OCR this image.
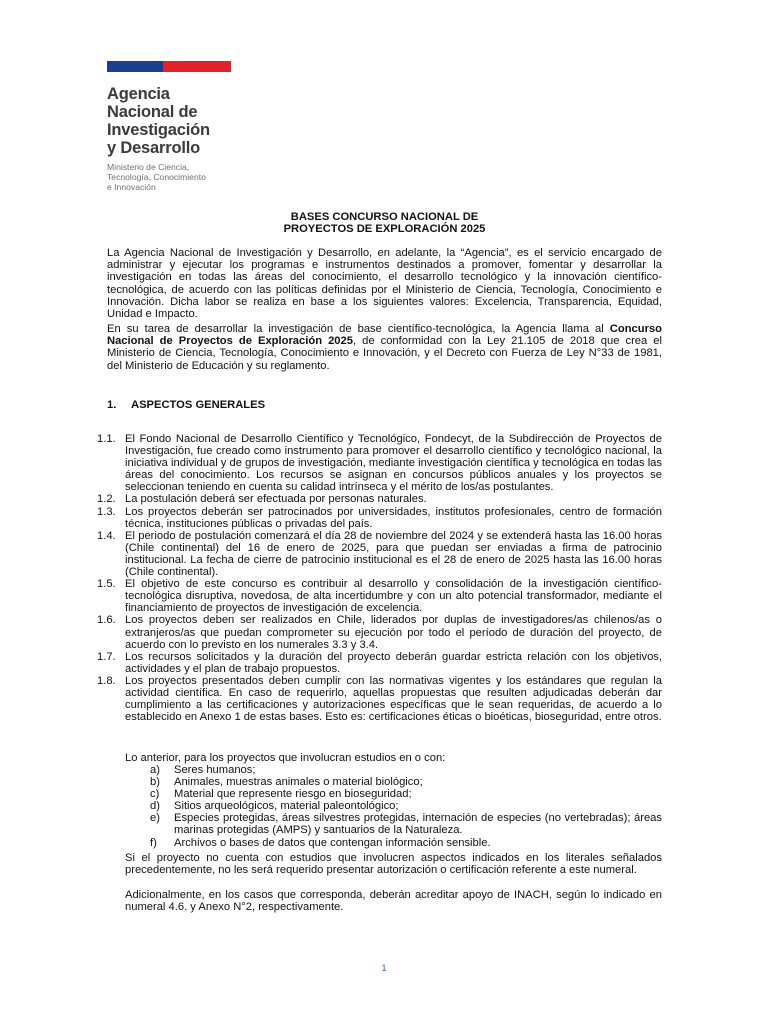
Agencia
Nacional de
Investigación
y Desarrollo
Ministerio de Ciencia,
Tecnología, Conocimiento
e Innovación
BASES CONCURSO NACIONAL DE
PROYECTOS DE EXPLORACIÓN 2025
La Agencia Nacional de Investigación y Desarrollo, en adelante, la “Agencia”, es el servicio encargado de administrar y ejecutar los programas e instrumentos destinados a promover, fomentar y desarrollar la investigación en todas las áreas del conocimiento, el desarrollo tecnológico y la innovación científico-tecnológica, de acuerdo con las políticas definidas por el Ministerio de Ciencia, Tecnología, Conocimiento e Innovación. Dicha labor se realiza en base a los siguientes valores: Excelencia, Transparencia, Equidad, Unidad e Impacto.
En su tarea de desarrollar la investigación de base científico-tecnológica, la Agencia llama al Concurso Nacional de Proyectos de Exploración 2025, de conformidad con la Ley 21.105 de 2018 que crea el Ministerio de Ciencia, Tecnología, Conocimiento e Innovación, y el Decreto con Fuerza de Ley N°33 de 1981, del Ministerio de Educación y su reglamento.
1. ASPECTOS GENERALES
1.1. El Fondo Nacional de Desarrollo Científico y Tecnológico, Fondecyt, de la Subdirección de Proyectos de Investigación, fue creado como instrumento para promover el desarrollo científico y tecnológico nacional, la iniciativa individual y de grupos de investigación, mediante investigación científica y tecnológica en todas las áreas del conocimiento. Los recursos se asignan en concursos públicos anuales y los proyectos se seleccionan teniendo en cuenta su calidad intrínseca y el mérito de los/as postulantes.
1.2. La postulación deberá ser efectuada por personas naturales.
1.3. Los proyectos deberán ser patrocinados por universidades, institutos profesionales, centro de formación técnica, instituciones públicas o privadas del país.
1.4. El periodo de postulación comenzará el día 28 de noviembre del 2024 y se extenderá hasta las 16.00 horas (Chile continental) del 16 de enero de 2025, para que puedan ser enviadas a firma de patrocinio institucional. La fecha de cierre de patrocinio institucional es el 28 de enero de 2025 hasta las 16.00 horas (Chile continental).
1.5. El objetivo de este concurso es contribuir al desarrollo y consolidación de la investigación científico-tecnológica disruptiva, novedosa, de alta incertidumbre y con un alto potencial transformador, mediante el financiamiento de proyectos de investigación de excelencia.
1.6. Los proyectos deben ser realizados en Chile, liderados por duplas de investigadores/as chilenos/as o extranjeros/as que puedan comprometer su ejecución por todo el período de duración del proyecto, de acuerdo con lo previsto en los numerales 3.3 y 3.4.
1.7. Los recursos solicitados y la duración del proyecto deberán guardar estricta relación con los objetivos, actividades y el plan de trabajo propuestos.
1.8. Los proyectos presentados deben cumplir con las normativas vigentes y los estándares que regulan la actividad científica. En caso de requerirlo, aquellas propuestas que resulten adjudicadas deberán dar cumplimiento a las certificaciones y autorizaciones específicas que le sean requeridas, de acuerdo a lo establecido en Anexo 1 de estas bases. Esto es: certificaciones éticas o bioéticas, bioseguridad, entre otros.
Lo anterior, para los proyectos que involucran estudios en o con:
a) Seres humanos;
b) Animales, muestras animales o material biológico;
c) Material que represente riesgo en bioseguridad;
d) Sitios arqueológicos, material paleontológico;
e) Especies protegidas, áreas silvestres protegidas, internación de especies (no vertebradas); áreas marinas protegidas (AMPS) y santuarios de la Naturaleza.
f) Archivos o bases de datos que contengan información sensible.
Si el proyecto no cuenta con estudios que involucren aspectos indicados en los literales señalados precedentemente, no les será requerido presentar autorización o certificación referente a este numeral.
Adicionalmente, en los casos que corresponda, deberán acreditar apoyo de INACH, según lo indicado en numeral 4.6. y Anexo N°2, respectivamente.
1
